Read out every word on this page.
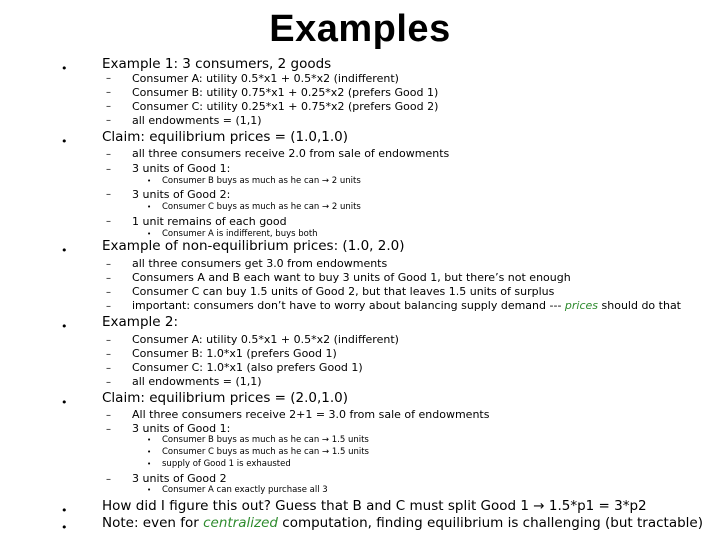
Examples
•	Example 1: 3 consumers, 2 goods
– Consumer A: utility 0.5*x1 + 0.5*x2 (indifferent)
– Consumer B: utility 0.75*x1 + 0.25*x2 (prefers Good 1)
– Consumer C: utility 0.25*x1 + 0.75*x2 (prefers Good 2)
– all endowments = (1,1)
•	Claim: equilibrium prices = (1.0,1.0)
– all three consumers receive 2.0 from sale of endowments
– 3 units of Good 1:
• Consumer B buys as much as he can → 2 units
– 3 units of Good 2:
• Consumer C buys as much as he can → 2 units
– 1 unit remains of each good
• Consumer A is indifferent, buys both
•	Example of non-equilibrium prices: (1.0, 2.0)
– all three consumers get 3.0 from endowments
– Consumers A and B each want to buy 3 units of Good 1, but there’s not enough
– Consumer C can buy 1.5 units of Good 2, but that leaves 1.5 units of surplus
– important: consumers don’t have to worry about balancing supply demand --- prices should do that
•	Example 2:
– Consumer A: utility 0.5*x1 + 0.5*x2 (indifferent)
– Consumer B: 1.0*x1 (prefers Good 1)
– Consumer C: 1.0*x1 (also prefers Good 1)
– all endowments = (1,1)
•	Claim: equilibrium prices = (2.0,1.0)
– All three consumers receive 2+1 = 3.0 from sale of endowments
– 3 units of Good 1:
• Consumer B buys as much as he can → 1.5 units
• Consumer C buys as much as he can → 1.5 units
• supply of Good 1 is exhausted
– 3 units of Good 2
• Consumer A can exactly purchase all 3
•	How did I figure this out? Guess that B and C must split Good 1 → 1.5*p1 = 3*p2
•	Note: even for centralized computation, finding equilibrium is challenging (but tractable)
